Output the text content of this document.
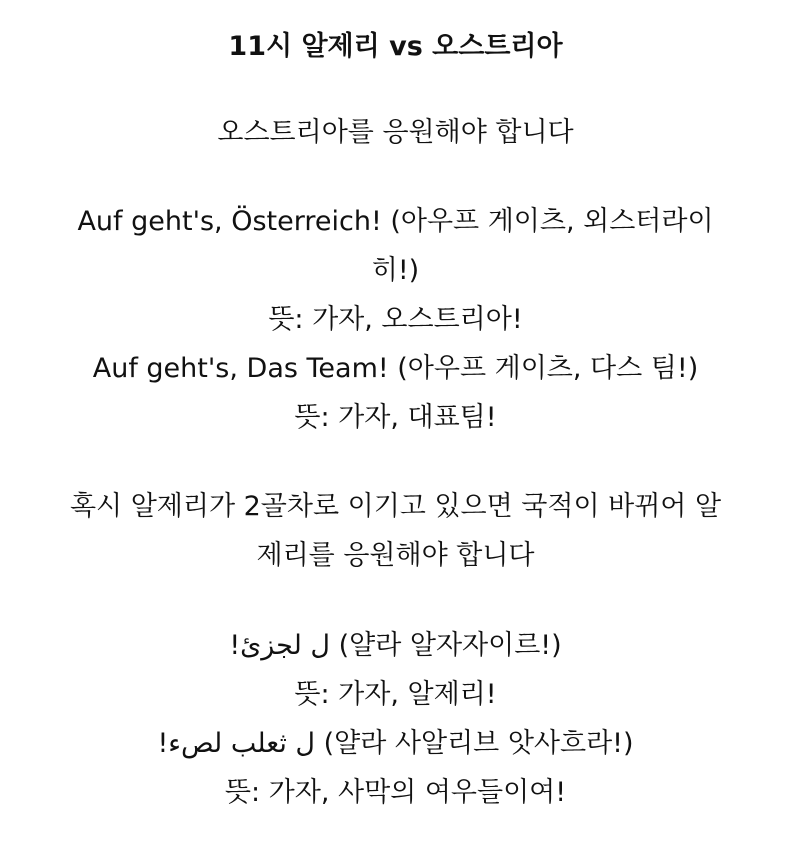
11시 알제리 vs 오스트리아

오스트리아를 응원해야 합니다

Auf geht's, Österreich! (아우프 게이츠, 외스터라이
히!)
뜻: 가자, 오스트리아!
Auf geht's, Das Team! (아우프 게이츠, 다스 팀!)
뜻: 가자, 대표팀!
혹시 알제리가 2골차로 이기고 있으면 국적이 바뀌어 알
제리를 응원해야 합니다
ل لجزئ! (얄라 알자자이르!)
뜻: 가자, 알제리!
ل ثعلب لصء! (얄라 사알리브 앗사흐라!)
뜻: 가자, 사막의 여우들이여!
